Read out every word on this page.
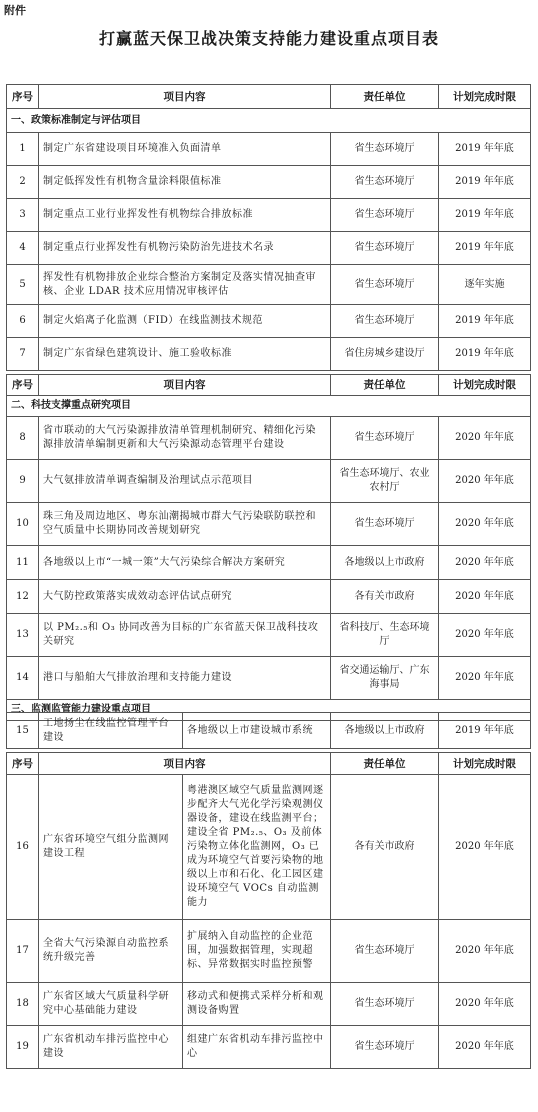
附件
打赢蓝天保卫战决策支持能力建设重点项目表
序号	项目内容	责任单位	计划完成时限
一、政策标准制定与评估项目			
1	制定广东省建设项目环境准入负面清单	省生态环境厅	2019 年年底
2	制定低挥发性有机物含量涂料限值标准	省生态环境厅	2019 年年底
3	制定重点工业行业挥发性有机物综合排放标准	省生态环境厅	2019 年年底
4	制定重点行业挥发性有机物污染防治先进技术名录	省生态环境厅	2019 年年底
5	挥发性有机物排放企业综合整治方案制定及落实情况抽查审核、企业 LDAR 技术应用情况审核评估	省生态环境厅	逐年实施
6	制定火焰离子化监测（FID）在线监测技术规范	省生态环境厅	2019 年年底
7	制定广东省绿色建筑设计、施工验收标准	省住房城乡建设厅	2019 年年底
序号	项目内容	责任单位	计划完成时限
二、科技支撑重点研究项目			
8	省市联动的大气污染源排放清单管理机制研究、精细化污染源排放清单编制更新和大气污染源动态管理平台建设	省生态环境厅	2020 年年底
9	大气氨排放清单调查编制及治理试点示范项目	省生态环境厅、农业农村厅	2020 年年底
10	珠三角及周边地区、粤东汕潮揭城市群大气污染联防联控和空气质量中长期协同改善规划研究	省生态环境厅	2020 年年底
11	各地级以上市“一城一策”大气污染综合解决方案研究	各地级以上市政府	2020 年年底
12	大气防控政策落实成效动态评估试点研究	各有关市政府	2020 年年底
13	以 PM₂.₅和 O₃ 协同改善为目标的广东省蓝天保卫战科技攻关研究	省科技厅、生态环境厅	2020 年年底
14	港口与船舶大气排放治理和支持能力建设	省交通运输厅、广东海事局	2020 年年底
三、监测监管能力建设重点项目			
15	工地扬尘在线监控管理平台建设	各地级以上市建设城市系统	各地级以上市政府	2019 年年底
序号	项目内容		责任单位	计划完成时限
16	广东省环境空气组分监测网建设工程	粤港澳区域空气质量监测网逐步配齐大气光化学污染观测仪器设备，建设在线监测平台；建设全省 PM₂.₅、O₃ 及前体污染物立体化监测网，O₃ 已成为环境空气首要污染物的地级以上市和石化、化工园区建设环境空气 VOCs 自动监测能力	各有关市政府	2020 年年底
17	全省大气污染源自动监控系统升级完善	扩展纳入自动监控的企业范围，加强数据管理，实现超标、异常数据实时监控预警	省生态环境厅	2020 年年底
18	广东省区域大气质量科学研究中心基础能力建设	移动式和便携式采样分析和观测设备购置	省生态环境厅	2020 年年底
19	广东省机动车排污监控中心建设	组建广东省机动车排污监控中心	省生态环境厅	2020 年年底
